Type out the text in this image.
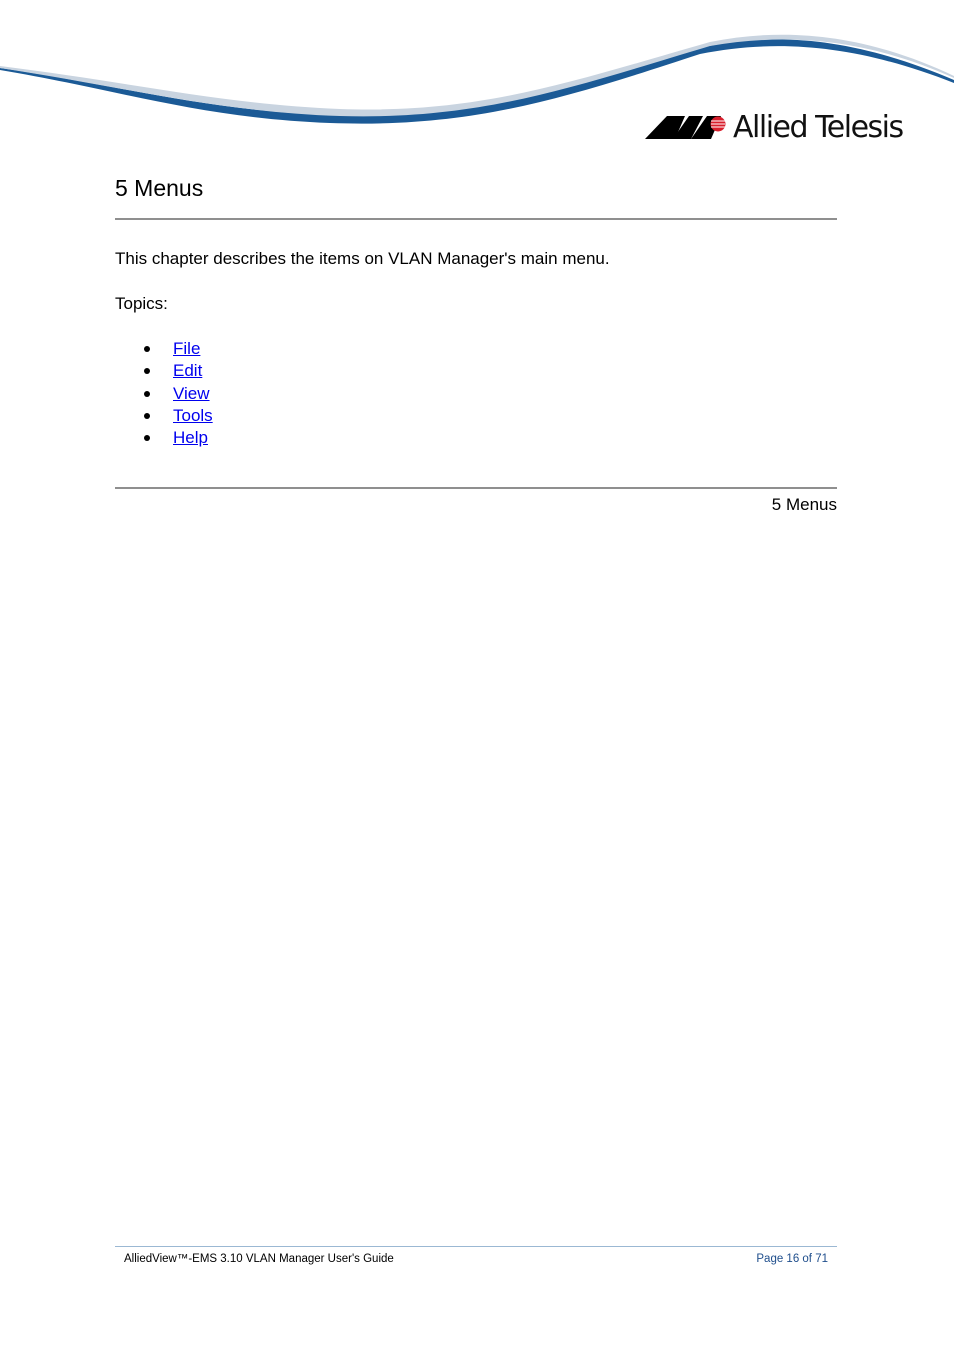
Allied Telesis
5 Menus

This chapter describes the items on VLAN Manager's main menu.

Topics:

File
Edit
View
Tools
Help
5 Menus
AlliedView™-EMS 3.10 VLAN Manager User's Guide	Page 16 of 71
